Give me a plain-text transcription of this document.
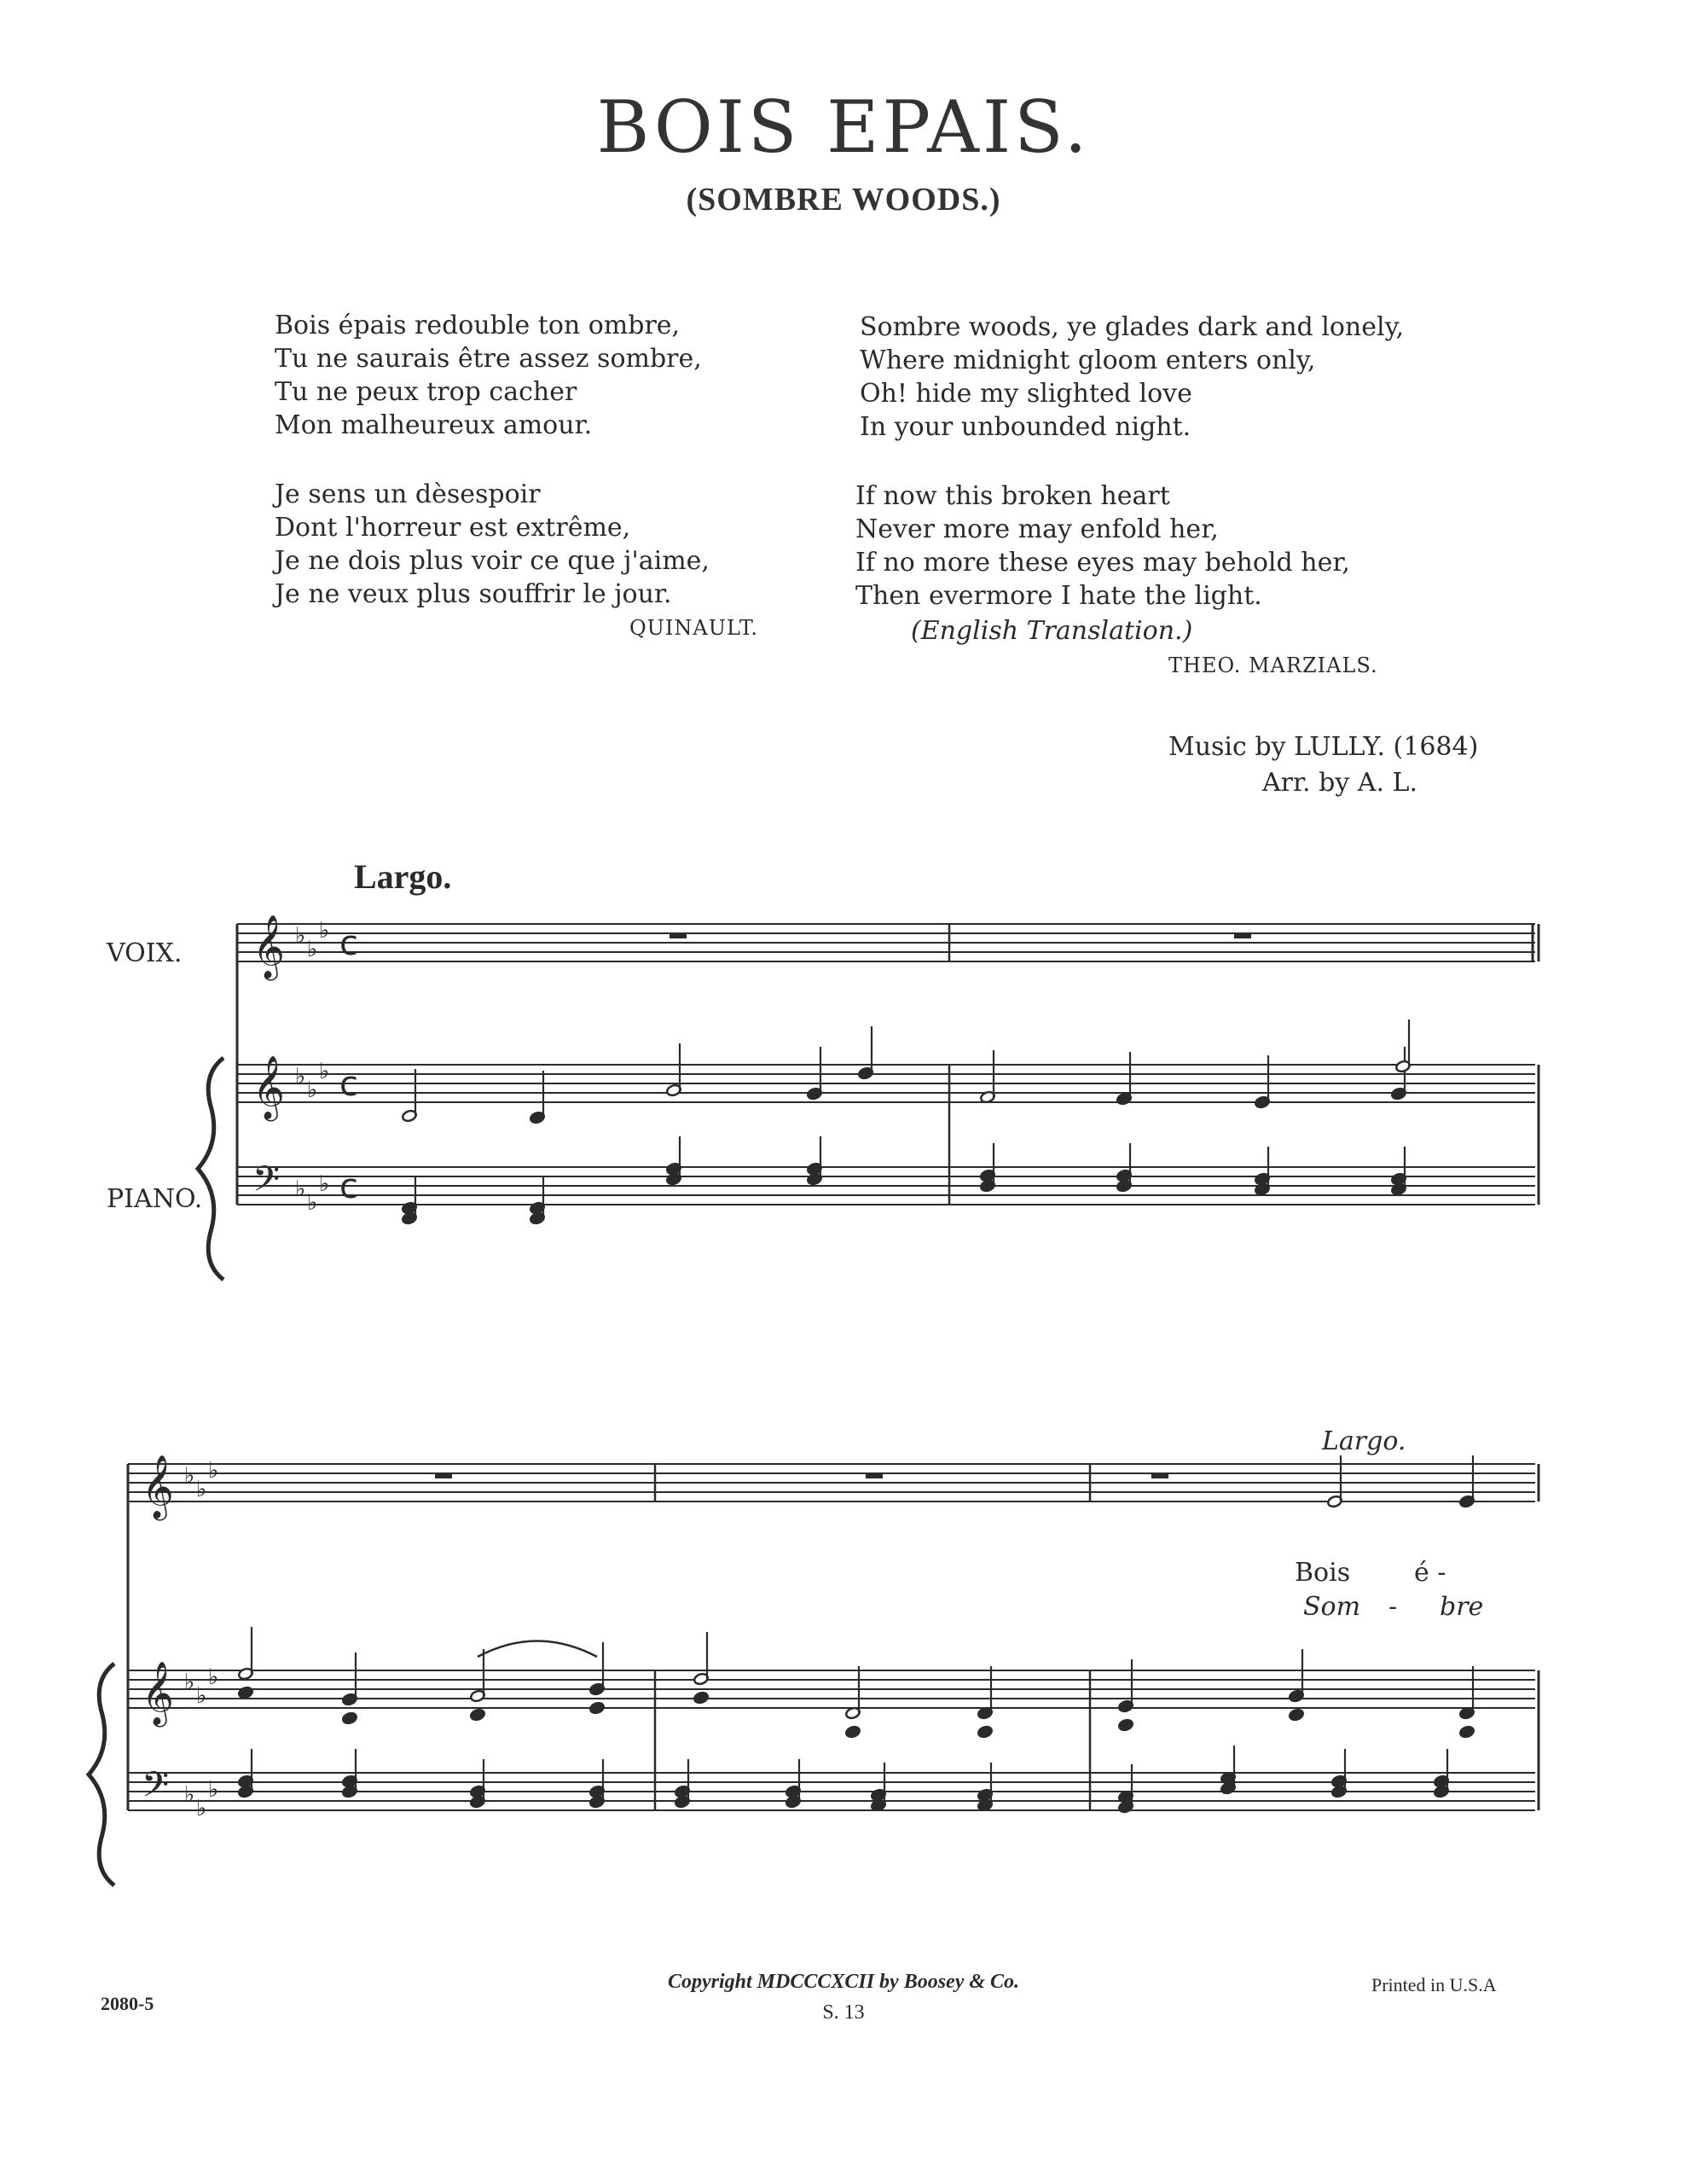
BOIS EPAIS.
(SOMBRE WOODS.)
Bois épais redouble ton ombre,
Tu ne saurais être assez sombre,
Tu ne peux trop cacher
Mon malheureux amour.
Je sens un dèsespoir
Dont l'horreur est extrême,
Je ne dois plus voir ce que j'aime,
Je ne veux plus souffrir le jour.
QUINAULT.
Sombre woods, ye glades dark and lonely,
Where midnight gloom enters only,
Oh! hide my slighted love
In your unbounded night.
If now this broken heart
Never more may enfold her,
If no more these eyes may behold her,
Then evermore I hate the light.
(English Translation.)
THEO. MARZIALS.
Music by LULLY. (1684)
Arr. by A. L.
Largo.
VOIX.
PIANO.
Largo.
Bois é -
Som - bre
2080-5
Copyright MDCCCXCII by Boosey & Co.
S. 13
Printed in U.S.A
𝄞
𝄞
𝄢
♭
♭
♭ c
♭
♭
♭ c
♭
♭
♭ c
𝄞
𝄞
𝄢
♭
♭
♭
♭
♭
♭
♭
♭
♭
